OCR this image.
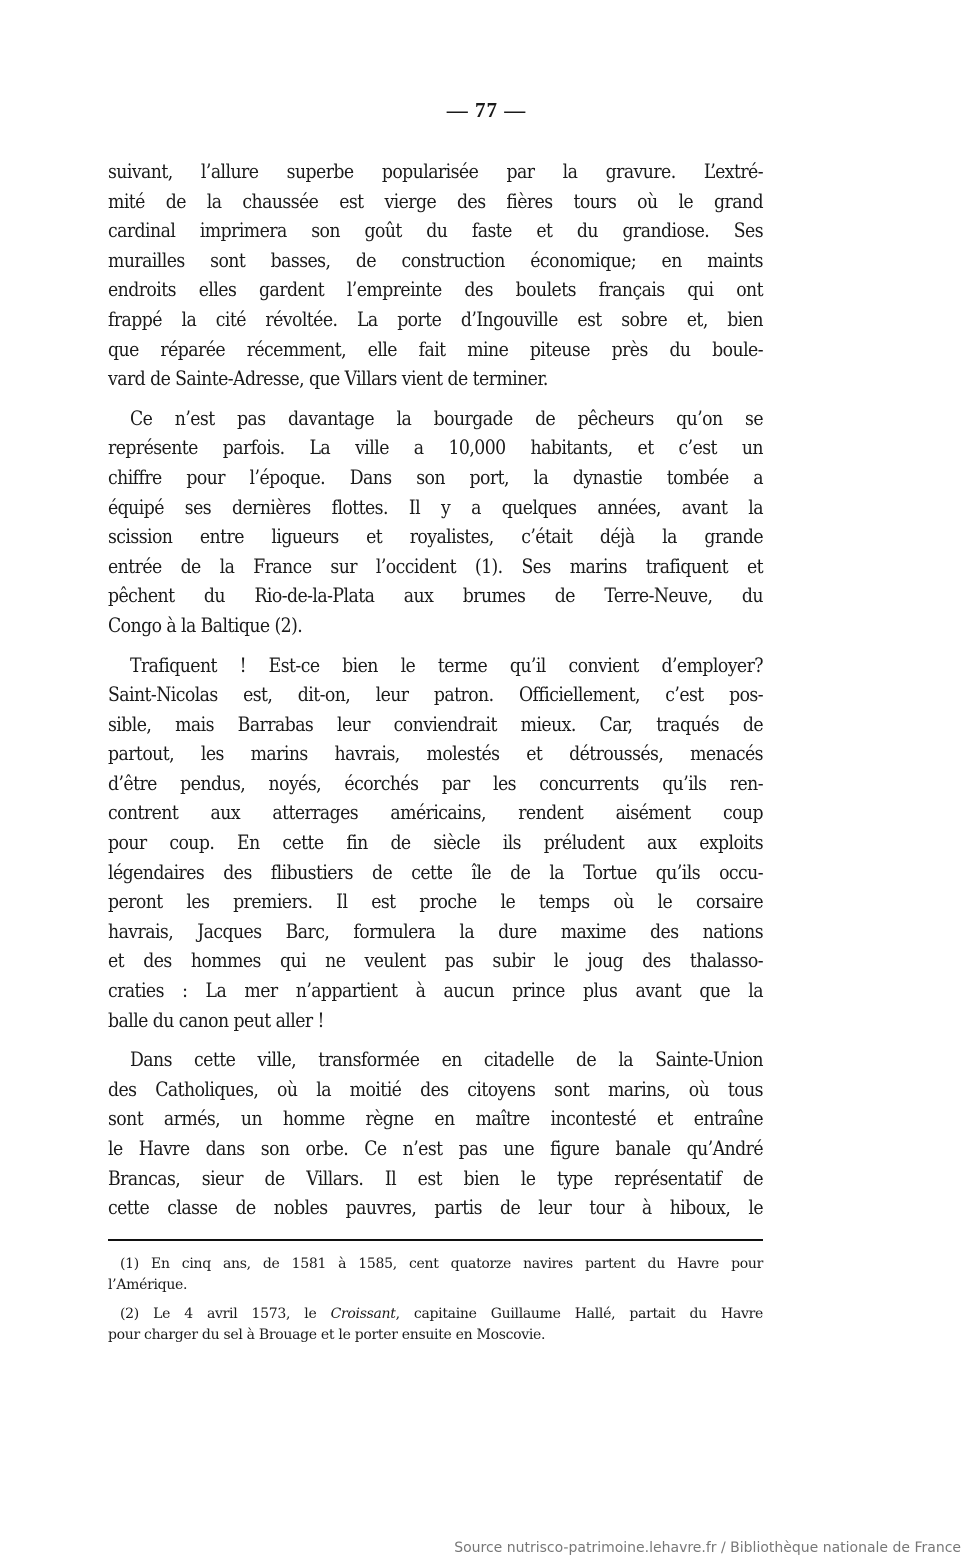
— 77 —

suivant, l’allure superbe popularisée par la gravure. L’extré-
mité de la chaussée est vierge des fières tours où le grand
cardinal imprimera son goût du faste et du grandiose. Ses
murailles sont basses, de construction économique; en maints
endroits elles gardent l’empreinte des boulets français qui ont
frappé la cité révoltée. La porte d’Ingouville est sobre et, bien
que réparée récemment, elle fait mine piteuse près du boule-
vard de Sainte-Adresse, que Villars vient de terminer.

Ce n’est pas davantage la bourgade de pêcheurs qu’on se
représente parfois. La ville a 10,000 habitants, et c’est un
chiffre pour l’époque. Dans son port, la dynastie tombée a
équipé ses dernières flottes. Il y a quelques années, avant la
scission entre ligueurs et royalistes, c’était déjà la grande
entrée de la France sur l’occident (1). Ses marins trafiquent et
pêchent du Rio-de-la-Plata aux brumes de Terre-Neuve, du
Congo à la Baltique (2).

Trafiquent ! Est-ce bien le terme qu’il convient d’employer?
Saint-Nicolas est, dit-on, leur patron. Officiellement, c’est pos-
sible, mais Barrabas leur conviendrait mieux. Car, traqués de
partout, les marins havrais, molestés et détroussés, menacés
d’être pendus, noyés, écorchés par les concurrents qu’ils ren-
contrent aux atterrages américains, rendent aisément coup
pour coup. En cette fin de siècle ils préludent aux exploits
légendaires des flibustiers de cette île de la Tortue qu’ils occu-
peront les premiers. Il est proche le temps où le corsaire
havrais, Jacques Barc, formulera la dure maxime des nations
et des hommes qui ne veulent pas subir le joug des thalasso-
craties : La mer n’appartient à aucun prince plus avant que la
balle du canon peut aller !

Dans cette ville, transformée en citadelle de la Sainte-Union
des Catholiques, où la moitié des citoyens sont marins, où tous
sont armés, un homme règne en maître incontesté et entraîne
le Havre dans son orbe. Ce n’est pas une figure banale qu’André
Brancas, sieur de Villars. Il est bien le type représentatif de
cette classe de nobles pauvres, partis de leur tour à hiboux, le

(1) En cinq ans, de 1581 à 1585, cent quatorze navires partent du Havre pour
l’Amérique.

(2) Le 4 avril 1573, le Croissant, capitaine Guillaume Hallé, partait du Havre
pour charger du sel à Brouage et le porter ensuite en Moscovie.

Source nutrisco-patrimoine.lehavre.fr / Bibliothèque nationale de France
